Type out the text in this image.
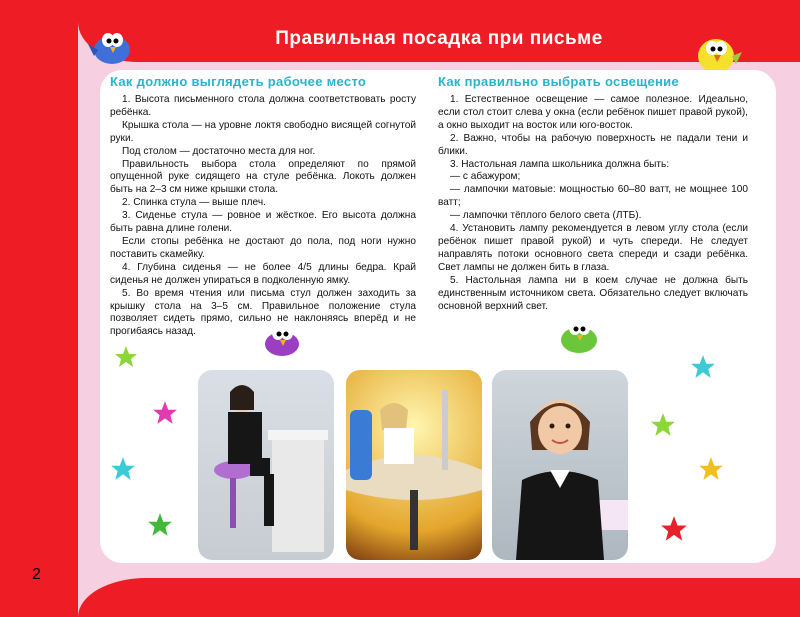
Правильная посадка при письме
Как должно выглядеть рабочее место

1. Высота письменного стола должна соответствовать росту ребёнка.

Крышка стола — на уровне локтя свободно висящей согнутой руки.

Под столом — достаточно места для ног.

Правильность выбора стола определяют по прямой опущенной руке сидящего на стуле ребёнка. Локоть должен быть на 2–3 см ниже крышки стола.

2. Спинка стула — выше плеч.

3. Сиденье стула — ровное и жёсткое. Его высота должна быть равна длине голени.

Если стопы ребёнка не достают до пола, под ноги нужно поставить скамейку.

4. Глубина сиденья — не более 4/5 длины бедра. Край сиденья не должен упираться в подколенную ямку.

5. Во время чтения или письма стул должен заходить за крышку стола на 3–5 см. Правильное положение стула позволяет сидеть прямо, сильно не наклоняясь вперёд и не прогибаясь назад.

Как правильно выбрать освещение

1. Естественное освещение — самое полезное. Идеально, если стол стоит слева у окна (если ребёнок пишет правой рукой), а окно выходит на восток или юго-восток.

2. Важно, чтобы на рабочую поверхность не падали тени и блики.

3. Настольная лампа школьника должна быть:

— с абажуром;

— лампочки матовые: мощностью 60–80 ватт, не мощнее 100 ватт;

— лампочки тёплого белого света (ЛТБ).

4. Установить лампу рекомендуется в левом углу стола (если ребёнок пишет правой рукой) и чуть спереди. Не следует направлять потоки основного света спереди и сзади ребёнка. Свет лампы не должен бить в глаза.

5. Настольная лампа ни в коем случае не должна быть единственным источником света. Обязательно следует включать основной верхний свет.

2
